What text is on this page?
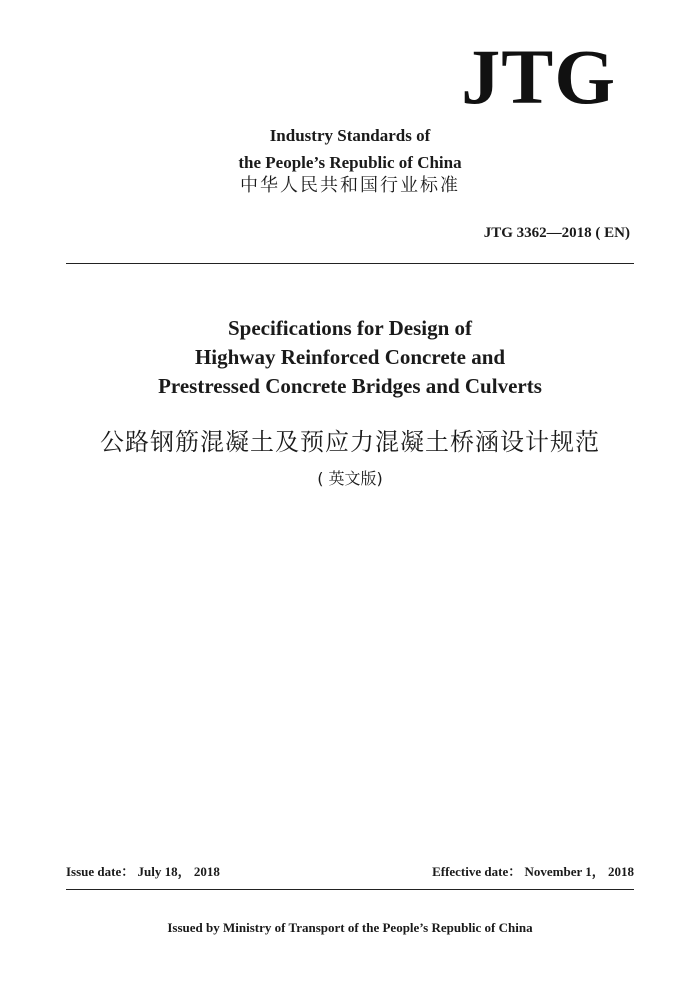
JTG
Industry Standards of
the People’s Republic of China
中华人民共和国行业标准
JTG 3362—2018 ( EN)
Specifications for Design of
Highway Reinforced Concrete and
Prestressed Concrete Bridges and Culverts
公路钢筋混凝土及预应力混凝土桥涵设计规范
( 英文版)
Issue date： July 18， 2018	Effective date： November 1， 2018
Issued by Ministry of Transport of the People’s Republic of China
